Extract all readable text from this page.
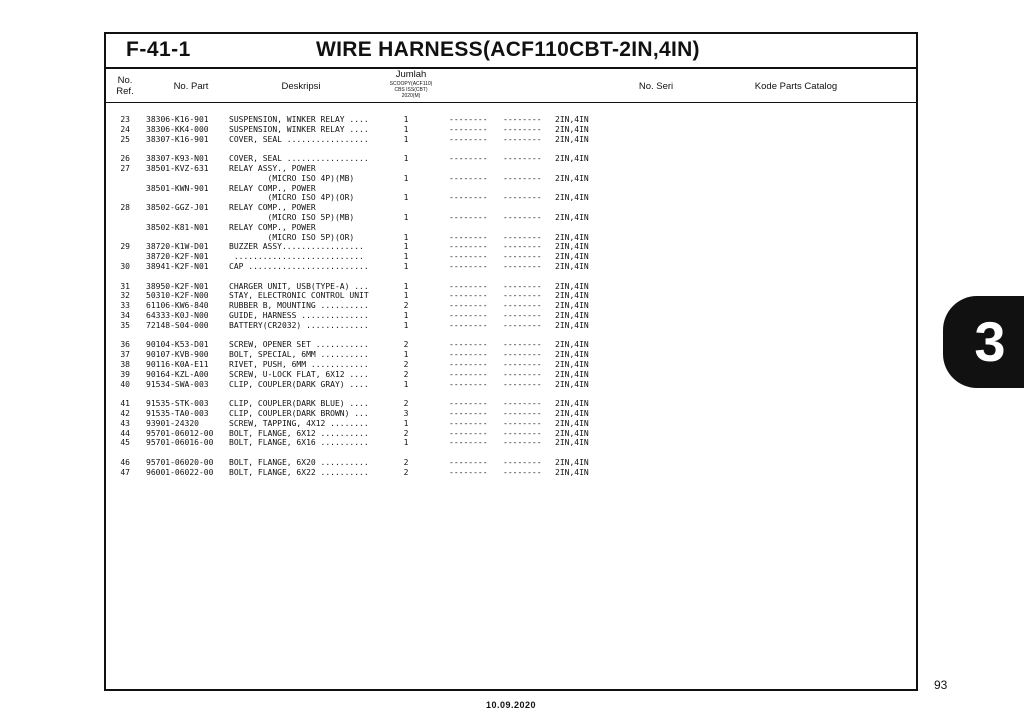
F-41-1	WIRE HARNESS(ACF110CBT-2IN,4IN)
No.
Ref.	No. Part	Deskripsi
Jumlah
SCOOPY(ACF110)
CBS ISS(CBT)
2020(M)
No. Seri	Kode Parts Catalog
23 38306-K16-901	SUSPENSION, WINKER RELAY ....	1	-------- -------- 2IN,4IN
24 38306-KK4-000	SUSPENSION, WINKER RELAY ....	1	-------- -------- 2IN,4IN
25 38307-K16-901	COVER, SEAL .................	1	-------- -------- 2IN,4IN
26 38307-K93-N01	COVER, SEAL .................	1	-------- -------- 2IN,4IN
27 38501-KVZ-631	RELAY ASSY., POWER
(MICRO ISO 4P)(MB)	1	-------- -------- 2IN,4IN
38501-KWN-901	RELAY COMP., POWER
(MICRO ISO 4P)(OR)	1	-------- -------- 2IN,4IN
28 38502-GGZ-J01	RELAY COMP., POWER
(MICRO ISO 5P)(MB)	1	-------- -------- 2IN,4IN
38502-K81-N01	RELAY COMP., POWER
(MICRO ISO 5P)(OR)	1	-------- -------- 2IN,4IN
29 38720-K1W-D01	BUZZER ASSY.................	1	-------- -------- 2IN,4IN
38720-K2F-N01	...........................	1	-------- -------- 2IN,4IN
30 38941-K2F-N01	CAP .........................	1	-------- -------- 2IN,4IN
31 38950-K2F-N01	CHARGER UNIT, USB(TYPE-A) ...	1	-------- -------- 2IN,4IN
32 50310-K2F-N00	STAY, ELECTRONIC CONTROL UNIT	1	-------- -------- 2IN,4IN
33 61106-KW6-840	RUBBER B, MOUNTING ..........	2	-------- -------- 2IN,4IN
34 64333-K0J-N00	GUIDE, HARNESS ..............	1	-------- -------- 2IN,4IN
35 72148-S04-000	BATTERY(CR2032) .............	1	-------- -------- 2IN,4IN
36 90104-K53-D01	SCREW, OPENER SET ...........	2	-------- -------- 2IN,4IN
37 90107-KVB-900	BOLT, SPECIAL, 6MM ..........	1	-------- -------- 2IN,4IN
38 90116-K0A-E11	RIVET, PUSH, 6MM ............	2	-------- -------- 2IN,4IN
39 90164-KZL-A00	SCREW, U-LOCK FLAT, 6X12 ....	2	-------- -------- 2IN,4IN
40 91534-SWA-003	CLIP, COUPLER(DARK GRAY) ....	1	-------- -------- 2IN,4IN
41 91535-STK-003	CLIP, COUPLER(DARK BLUE) ....	2	-------- -------- 2IN,4IN
42 91535-TA0-003	CLIP, COUPLER(DARK BROWN) ...	3	-------- -------- 2IN,4IN
43 93901-24320	SCREW, TAPPING, 4X12 ........	1	-------- -------- 2IN,4IN
44 95701-06012-00 BOLT, FLANGE, 6X12 ..........	2	-------- -------- 2IN,4IN
45 95701-06016-00 BOLT, FLANGE, 6X16 ..........	1	-------- -------- 2IN,4IN
46 95701-06020-00 BOLT, FLANGE, 6X20 ..........	2	-------- -------- 2IN,4IN
47 96001-06022-00 BOLT, FLANGE, 6X22 ..........	2	-------- -------- 2IN,4IN
3
93
10.09.2020
